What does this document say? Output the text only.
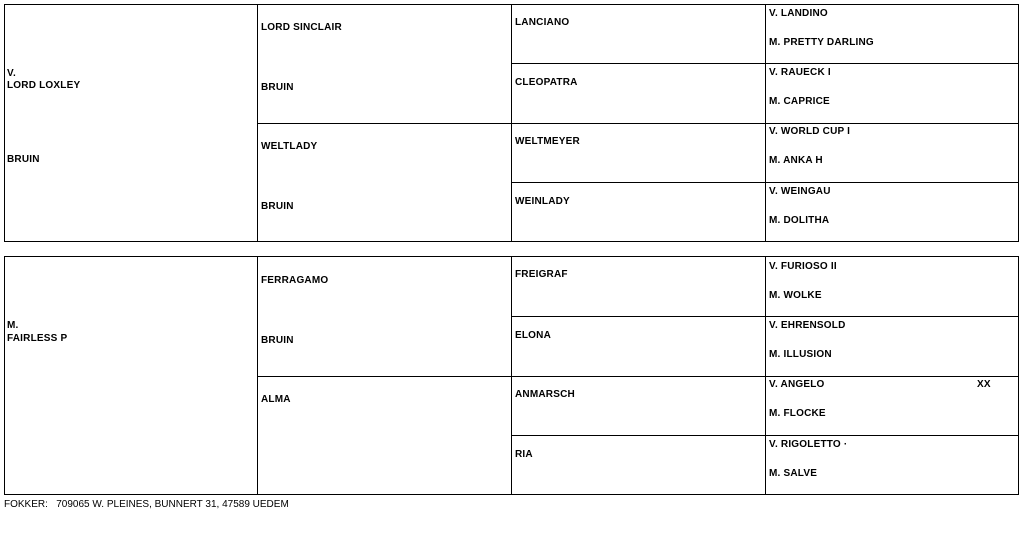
V.
LORD LOXLEY
BRUIN
LORD SINCLAIR
BRUIN
WELTLADY
BRUIN
LANCIANO
CLEOPATRA
WELTMEYER
WEINLADY
V. LANDINO
M. PRETTY DARLING
V. RAUECK I
M. CAPRICE
V. WORLD CUP I
M. ANKA H
V. WEINGAU
M. DOLITHA
M.
FAIRLESS P
FERRAGAMO
BRUIN
ALMA
FREIGRAF
ELONA
ANMARSCH
RIA
V. FURIOSO II
M. WOLKE
V. EHRENSOLD
M. ILLUSION
V. ANGELO	XX
M. FLOCKE
V. RIGOLETTO ·
M. SALVE
FOKKER: 709065 W. PLEINES, BUNNERT 31, 47589 UEDEM
